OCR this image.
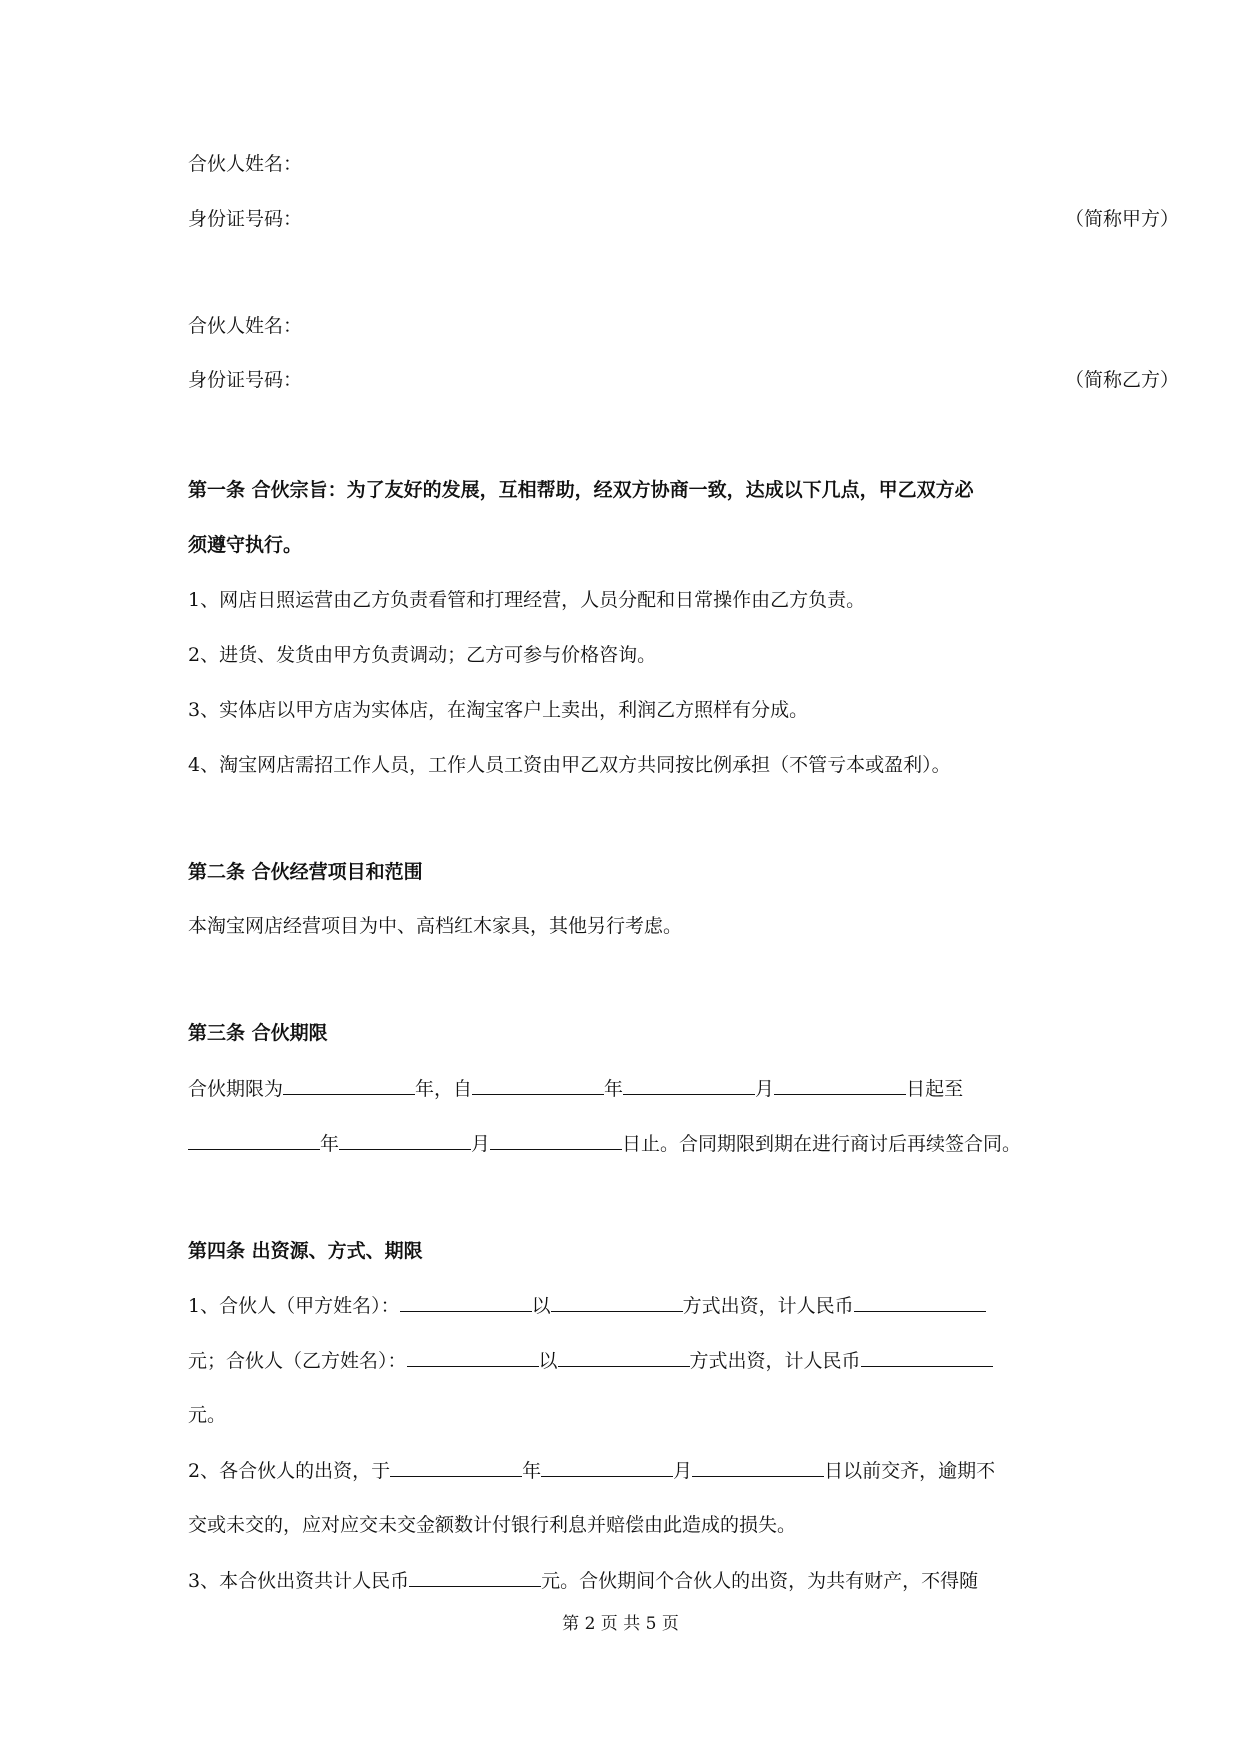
合伙人姓名：
身份证号码：	（简称甲方）
合伙人姓名：
身份证号码：	（简称乙方）
第一条 合伙宗旨：为了友好的发展，互相帮助，经双方协商一致，达成以下几点，甲乙双方必
须遵守执行。
1、网店日照运营由乙方负责看管和打理经营，人员分配和日常操作由乙方负责。
2、进货、发货由甲方负责调动；乙方可参与价格咨询。
3、实体店以甲方店为实体店，在淘宝客户上卖出，利润乙方照样有分成。
4、淘宝网店需招工作人员，工作人员工资由甲乙双方共同按比例承担（不管亏本或盈利）。
第二条 合伙经营项目和范围
本淘宝网店经营项目为中、高档红木家具，其他另行考虑。
第三条 合伙期限
合伙期限为	年，自	年	月	日起至
年	月	日止。合同期限到期在进行商讨后再续签合同。
第四条 出资源、方式、期限
1、合伙人（甲方姓名）：	以	方式出资，计人民币
元；合伙人（乙方姓名）：	以	方式出资，计人民币
元。
2、各合伙人的出资，于	年	月	日以前交齐，逾期不
交或未交的，应对应交未交金额数计付银行利息并赔偿由此造成的损失。
3、本合伙出资共计人民币	元。合伙期间个合伙人的出资，为共有财产，不得随
第 2 页 共 5 页
